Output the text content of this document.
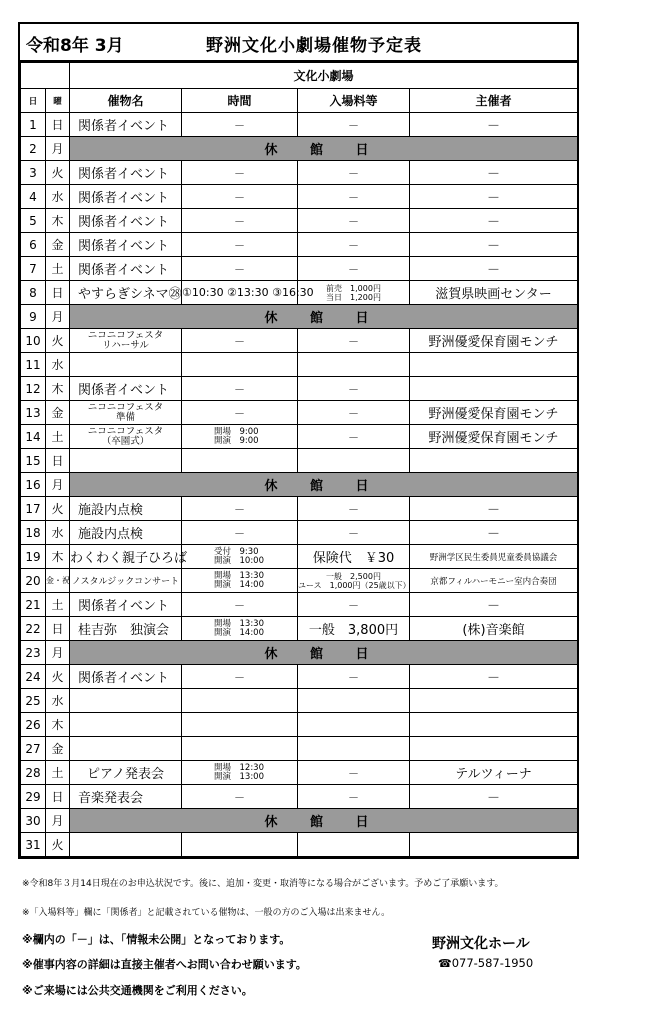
令和8年 3月	野洲文化小劇場催物予定表
		文化小劇場			
日	曜	催物名	時間	入場料等	主催者
1	日	関係者イベント	－	－	－
2	月	休 館 日			
3	火	関係者イベント	－	－	－
4	水	関係者イベント	－	－	－
5	木	関係者イベント	－	－	－
6	金	関係者イベント	－	－	－
7	土	関係者イベント	－	－	－
8	日	やすらぎシネマ㉘	①10:30 ②13:30 ③16:30	前売　1,000円
当日　1,200円	滋賀県映画センター
9	月	休 館 日			
10	火	ニコニコフェスタ
リハーサル	－	－	野洲優愛保育園モンチ
11	水				
12	木	関係者イベント	－	－	
13	金	ニコニコフェスタ
準備	－	－	野洲優愛保育園モンチ
14	土	ニコニコフェスタ
（卒園式）	開場　9:00
開演　9:00	－	野洲優愛保育園モンチ
15	日				
16	月	休 館 日			
17	火	施設内点検	－	－	－
18	水	施設内点検	－	－	－
19	木	わくわく親子ひろば	受付　9:30
開演　10:00	保険代　￥30	野洲学区民生委員児童委員協議会
20	金・祝	ノスタルジックコンサート	開場　13:30
開演　14:00	一般　2,500円
ユース　1,000円（25歳以下）	京都フィルハーモニー室内合奏団
21	土	関係者イベント	－	－	－
22	日	桂吉弥　独演会	開場　13:30
開演　14:00	一般　3,800円	(株)音楽館
23	月	休 館 日			
24	火	関係者イベント	－	－	－
25	水				
26	木				
27	金				
28	土	ピアノ発表会	開場　12:30
開演　13:00	－	テルツィーナ
29	日	音楽発表会	－	－	－
30	月	休 館 日			
31	火				
※令和8年３月14日現在のお申込状況です。後に、追加・変更・取消等になる場合がございます。予めご了承願います。
※「入場料等」欄に「関係者」と記載されている催物は、一般の方のご入場は出来ません。
※欄内の「－」は、「情報未公開」となっております。
※催事内容の詳細は直接主催者へお問い合わせ願います。
※ご来場には公共交通機関をご利用ください。
野洲文化ホール
☎077-587-1950
